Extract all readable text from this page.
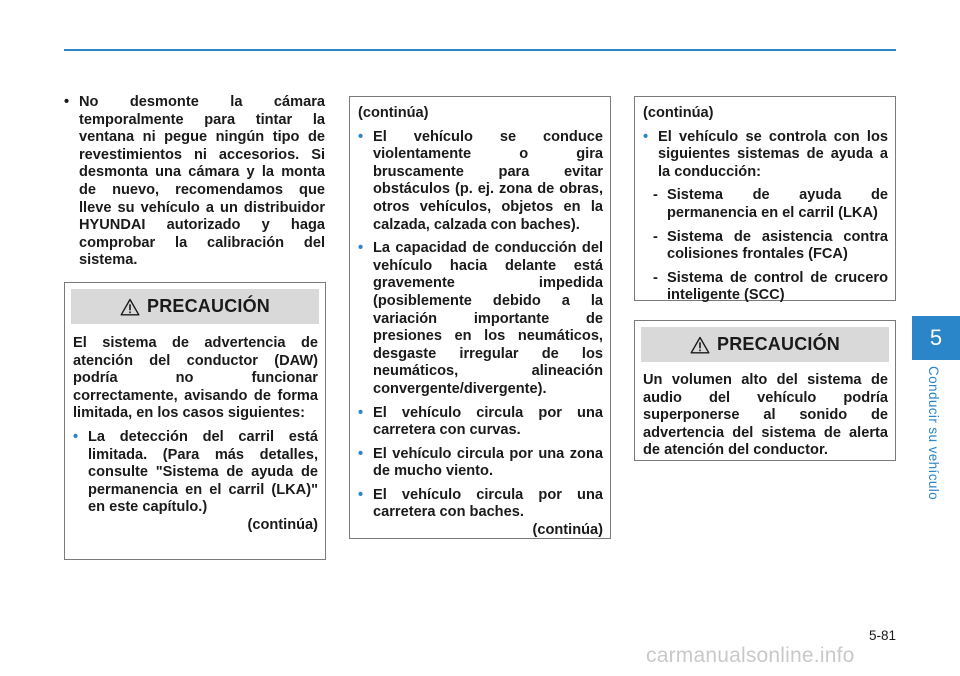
• No desmonte la cámara temporalmente para tintar la ventana ni pegue ningún tipo de revestimientos ni accesorios. Si desmonta una cámara y la monta de nuevo, recomendamos que lleve su vehículo a un distribuidor HYUNDAI autorizado y haga comprobar la calibración del sistema.

PRECAUCIÓN

El sistema de advertencia de atención del conductor (DAW) podría no funcionar correctamente, avisando de forma limitada, en los casos siguientes:

• La detección del carril está limitada. (Para más detalles, consulte "Sistema de ayuda de permanencia en el carril (LKA)" en este capítulo.)

(continúa)

(continúa)

• El vehículo se conduce violentamente o gira bruscamente para evitar obstáculos (p. ej. zona de obras, otros vehículos, objetos en la calzada, calzada con baches).

• La capacidad de conducción del vehículo hacia delante está gravemente impedida (posiblemente debido a la variación importante de presiones en los neumáticos, desgaste irregular de los neumáticos, alineación convergente/divergente).

• El vehículo circula por una carretera con curvas.

• El vehículo circula por una zona de mucho viento.

• El vehículo circula por una carretera con baches.

(continúa)

(continúa)

• El vehículo se controla con los siguientes sistemas de ayuda a la conducción:

- Sistema de ayuda de permanencia en el carril (LKA)

- Sistema de asistencia contra colisiones frontales (FCA)

- Sistema de control de crucero inteligente (SCC)

PRECAUCIÓN

Un volumen alto del sistema de audio del vehículo podría superponerse al sonido de advertencia del sistema de alerta de atención del conductor.

5
Conducir su vehículo
5-81
carmanualsonline.info
